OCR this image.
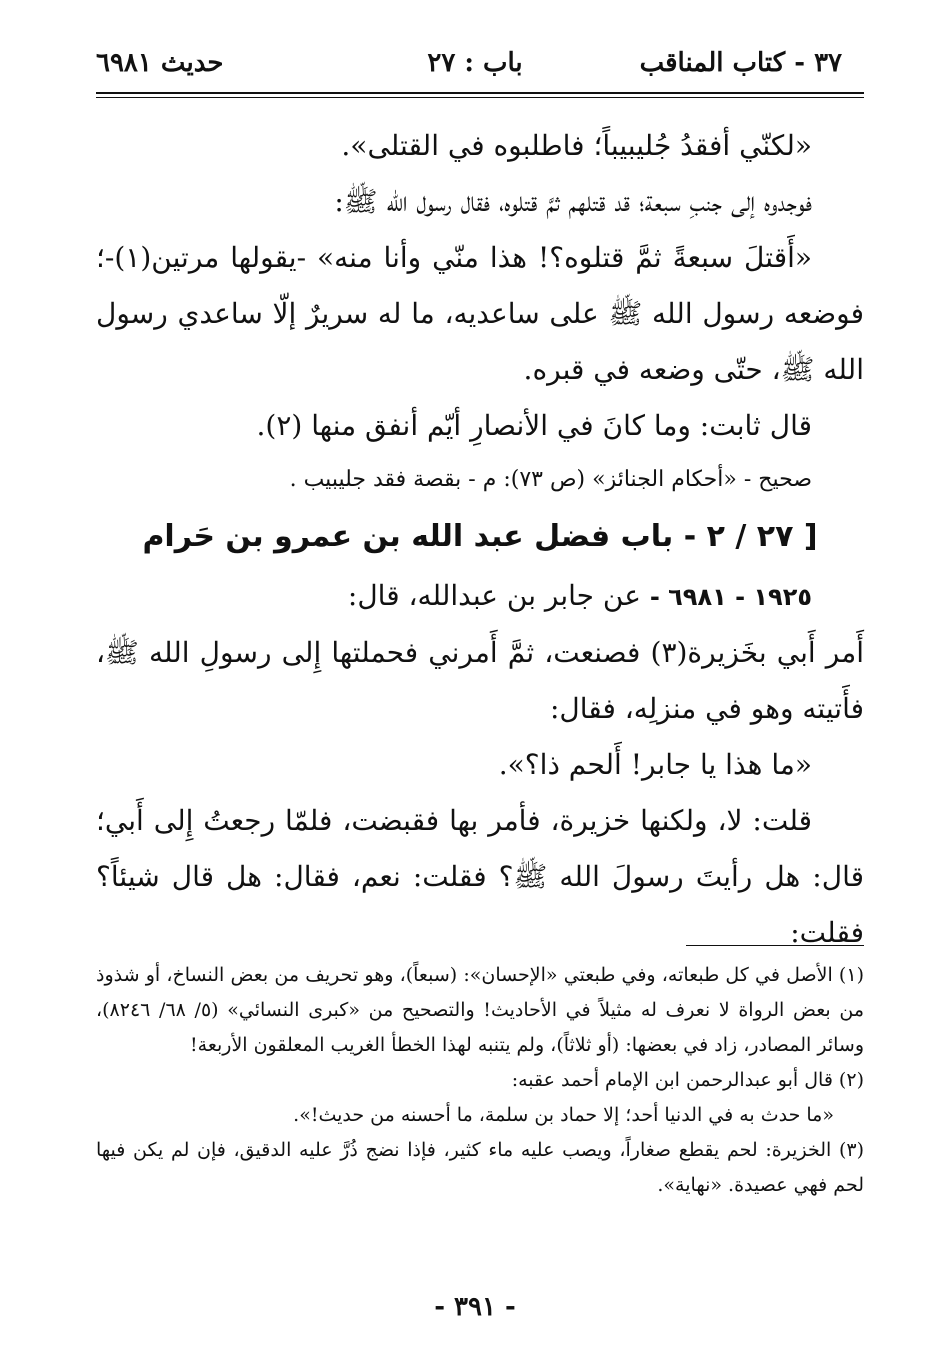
٣٧ - كتاب المناقب
باب : ٢٧
حديث ٦٩٨١

«لكنّي أفقدُ جُليبيباً؛ فاطلبوه في القتلى».

فوجدوه إلى جنبِ سبعة؛ قد قتلهم ثمَّ قتلوه، فقال رسول الله ﷺ:

«أَقتلَ سبعةً ثمَّ قتلوه؟! هذا منّي وأنا منه» -يقولها مرتين(١)-؛ فوضعه رسول الله ﷺ على ساعديه، ما له سريرٌ إلّا ساعدي رسول الله ﷺ، حتّى وضعه في قبره.

قال ثابت: وما كانَ في الأنصارِ أيّم أنفق منها (٢).

صحيح - «أحكام الجنائز» (ص ٧٣): م - بقصة فقد جليبيب .

[ ٢٧ / ٢ - باب فضل عبد الله بن عمرو بن حَرام

١٩٢٥ - ٦٩٨١ - عن جابر بن عبدالله، قال:

أَمر أَبي بخَزيرة(٣) فصنعت، ثمَّ أَمرني فحملتها إِلى رسولِ الله ﷺ، فأَتيته وهو في منزلِه، فقال:

«ما هذا يا جابر! أَلحم ذا؟».

قلت: لا، ولكنها خزيرة، فأمر بها فقبضت، فلمّا رجعتُ إِلى أَبي؛ قال: هل رأيتَ رسولَ الله ﷺ؟ فقلت: نعم، فقال: هل قال شيئاً؟ فقلت:

(١) الأصل في كل طبعاته، وفي طبعتي «الإحسان»: (سبعاً)، وهو تحريف من بعض النساخ، أو شذوذ من بعض الرواة لا نعرف له مثيلاً في الأحاديث! والتصحيح من «كبرى النسائي» (٥/ ٦٨/ ٨٢٤٦)، وسائر المصادر، زاد في بعضها: (أو ثلاثاً)، ولم يتنبه لهذا الخطأ الغريب المعلقون الأربعة!

(٢) قال أبو عبدالرحمن ابن الإمام أحمد عقبه:

«ما حدث به في الدنيا أحد؛ إلا حماد بن سلمة، ما أحسنه من حديث!».

(٣) الخزيرة: لحم يقطع صغاراً، ويصب عليه ماء كثير، فإذا نضج ذُرَّ عليه الدقيق، فإن لم يكن فيها لحم فهي عصيدة. «نهاية».

- ٣٩١ -
